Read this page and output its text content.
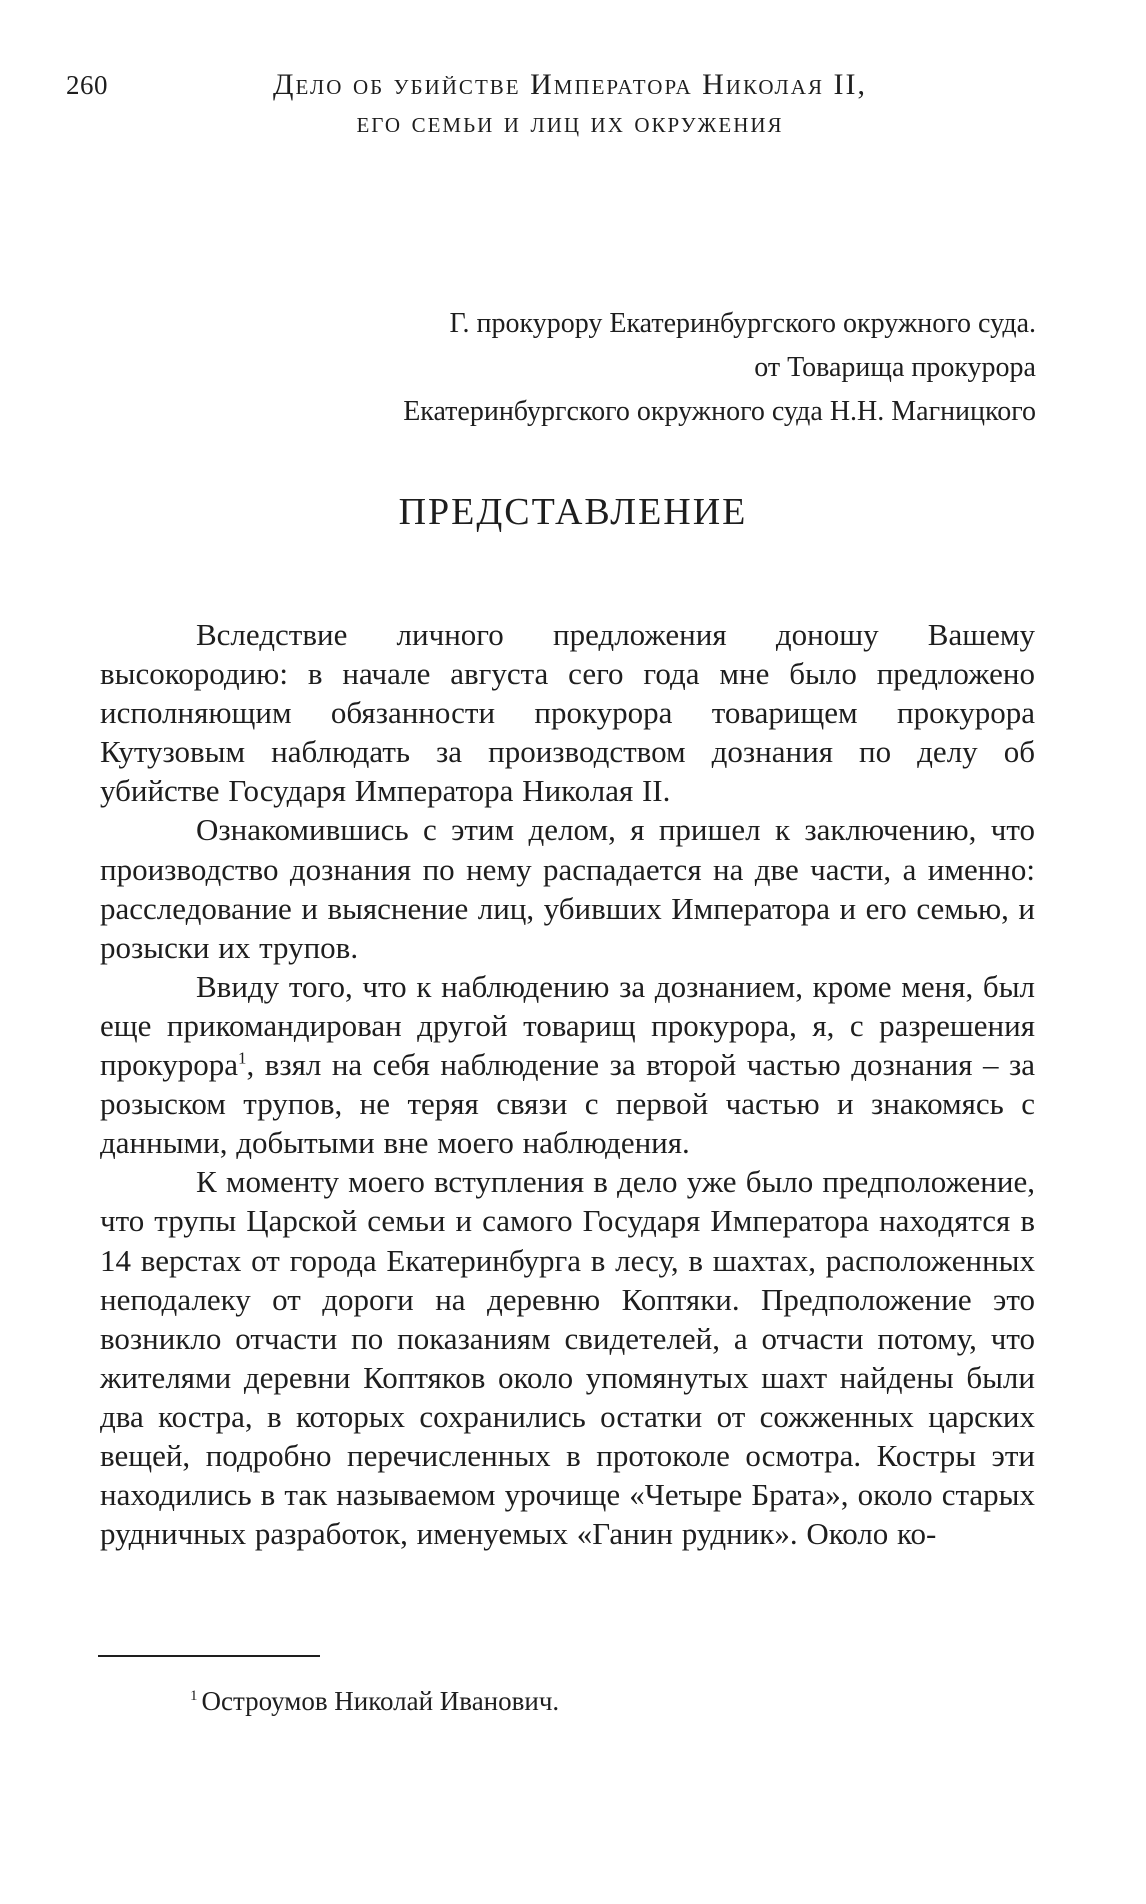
260	Дело об убийстве Императора Николая II,
его семьи и лиц их окружения
Г. прокурору Екатеринбургского окружного суда.
от Товарища прокурора
Екатеринбургского окружного суда Н.Н. Магницкого
ПРЕДСТАВЛЕНИЕ

Вследствие личного предложения доношу Вашему высокородию: в начале августа сего года мне было предложено исполняющим обязанности прокурора товарищем прокурора Кутузовым наблюдать за производством дознания по делу об убийстве Государя Императора Николая II.

Ознакомившись с этим делом, я пришел к заключению, что производство дознания по нему распадается на две части, а именно: расследование и выяснение лиц, убивших Императора и его семью, и розыски их трупов.

Ввиду того, что к наблюдению за дознанием, кроме меня, был еще прикомандирован другой товарищ прокурора, я, с разрешения прокурора$^1$, взял на себя наблюдение за второй частью дознания – за розыском трупов, не теряя связи с первой частью и знакомясь с данными, добытыми вне моего наблюдения.

К моменту моего вступления в дело уже было предположение, что трупы Царской семьи и самого Государя Императора находятся в 14 верстах от города Екатеринбурга в лесу, в шахтах, расположенных неподалеку от дороги на деревню Коптяки. Предположение это возникло отчасти по показаниям свидетелей, а отчасти потому, что жителями деревни Коптяков около упомянутых шахт найдены были два костра, в которых сохранились остатки от сожженных царских вещей, подробно перечисленных в протоколе осмотра. Костры эти находились в так называемом урочище «Четыре Брата», около старых рудничных разработок, именуемых «Ганин рудник». Около ко-

$^1$ Остроумов Николай Иванович.
